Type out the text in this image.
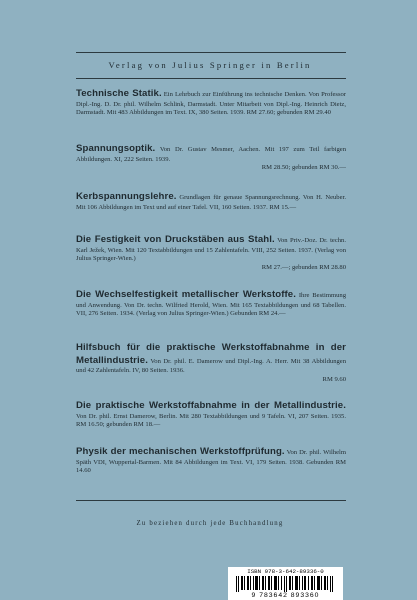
Verlag von Julius Springer in Berlin
Technische Statik. Ein Lehrbuch zur Einführung ins technische Denken. Von Professor Dipl.-Ing. D. Dr. phil. Wilhelm Schlink, Darmstadt. Unter Mitarbeit von Dipl.-Ing. Heinrich Dietz, Darmstadt. Mit 483 Abbildungen im Text. IX, 380 Seiten. 1939. RM 27.60; gebunden RM 29.40
Spannungsoptik. Von Dr. Gustav Mesmer, Aachen. Mit 197 zum Teil farbigen Abbildungen. XI, 222 Seiten. 1939.
RM 28.50; gebunden RM 30.—
Kerbspannungslehre. Grundlagen für genaue Spannungsrechnung. Von H. Neuber. Mit 106 Abbildungen im Text und auf einer Tafel. VII, 160 Seiten. 1937. RM 15.—
Die Festigkeit von Druckstäben aus Stahl. Von Priv.-Doz. Dr. techn. Karl Ježek, Wien. Mit 120 Textabbildungen und 15 Zahlentafeln. VIII, 252 Seiten. 1937. (Verlag von Julius Springer-Wien.)
RM 27.—; gebunden RM 28.80
Die Wechselfestigkeit metallischer Werkstoffe. Ihre Bestimmung und Anwendung. Von Dr. techn. Wilfried Herold, Wien. Mit 165 Textabbildungen und 68 Tabellen. VII, 276 Seiten. 1934. (Verlag von Julius Springer-Wien.) Gebunden RM 24.—
Hilfsbuch für die praktische Werkstoffabnahme in der Metallindustrie. Von Dr. phil. E. Damerow und Dipl.-Ing. A. Herr. Mit 38 Abbildungen und 42 Zahlentafeln. IV, 80 Seiten. 1936.
RM 9.60
Die praktische Werkstoffabnahme in der Metallindustrie. Von Dr. phil. Ernst Damerow, Berlin. Mit 280 Textabbildungen und 9 Tafeln. VI, 207 Seiten. 1935. RM 16.50; gebunden RM 18.—
Physik der mechanischen Werkstoffprüfung. Von Dr. phil. Wilhelm Späth VDI, Wuppertal-Barmen. Mit 84 Abbildungen im Text. VI, 179 Seiten. 1938. Gebunden RM 14.60
Zu beziehen durch jede Buchhandlung
ISBN 978-3-642-89336-0
9 783642 893360
